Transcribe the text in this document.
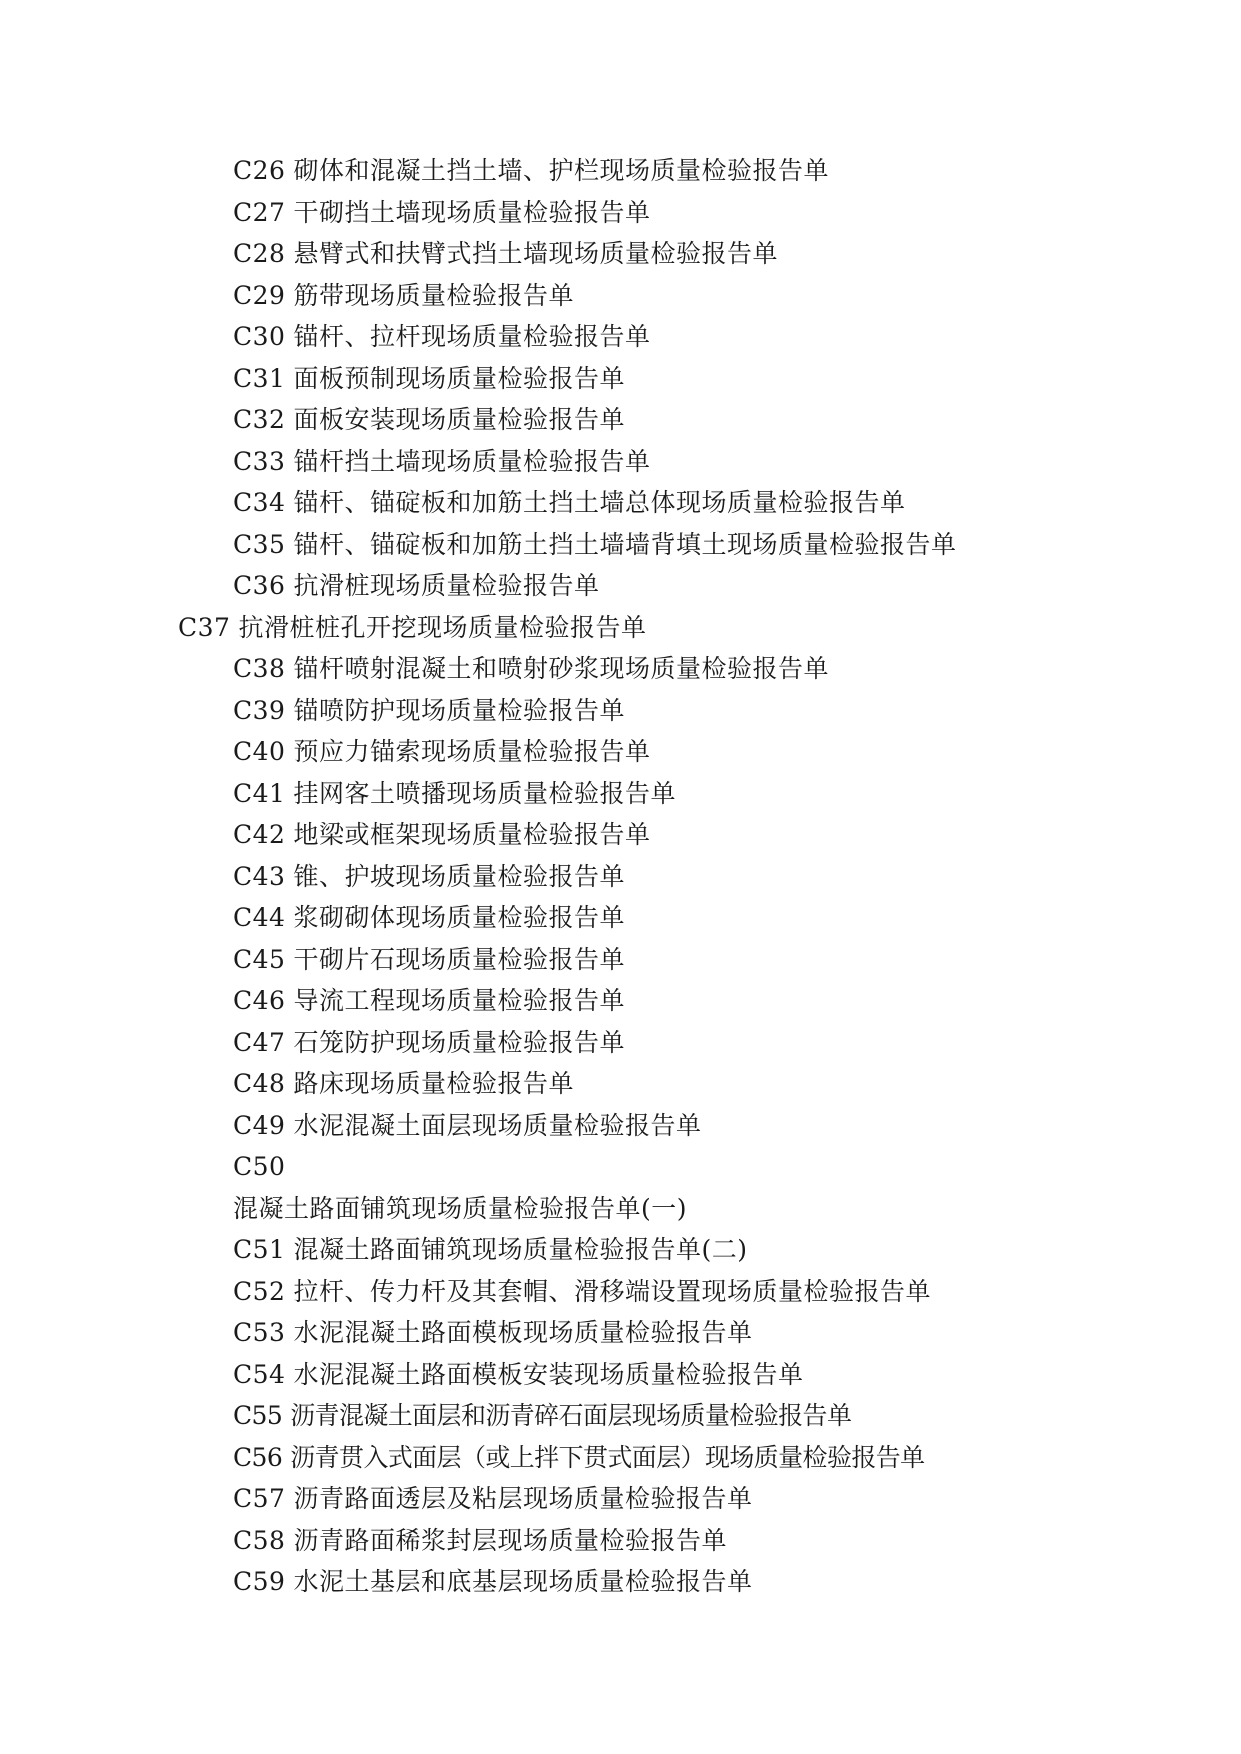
C26 砌体和混凝土挡土墙、护栏现场质量检验报告单
C27 干砌挡土墙现场质量检验报告单
C28 悬臂式和扶臂式挡土墙现场质量检验报告单
C29 筋带现场质量检验报告单
C30 锚杆、拉杆现场质量检验报告单
C31 面板预制现场质量检验报告单
C32 面板安装现场质量检验报告单
C33 锚杆挡土墙现场质量检验报告单
C34 锚杆、锚碇板和加筋土挡土墙总体现场质量检验报告单
C35 锚杆、锚碇板和加筋土挡土墙墙背填土现场质量检验报告单
C36 抗滑桩现场质量检验报告单
C37 抗滑桩桩孔开挖现场质量检验报告单
C38 锚杆喷射混凝土和喷射砂浆现场质量检验报告单
C39 锚喷防护现场质量检验报告单
C40 预应力锚索现场质量检验报告单
C41 挂网客土喷播现场质量检验报告单
C42 地梁或框架现场质量检验报告单
C43 锥、护坡现场质量检验报告单
C44 浆砌砌体现场质量检验报告单
C45 干砌片石现场质量检验报告单
C46 导流工程现场质量检验报告单
C47 石笼防护现场质量检验报告单
C48 路床现场质量检验报告单
C49 水泥混凝土面层现场质量检验报告单
C50
混凝土路面铺筑现场质量检验报告单(一)
C51 混凝土路面铺筑现场质量检验报告单(二)
C52 拉杆、传力杆及其套帽、滑移端设置现场质量检验报告单
C53 水泥混凝土路面模板现场质量检验报告单
C54 水泥混凝土路面模板安装现场质量检验报告单
C55 沥青混凝土面层和沥青碎石面层现场质量检验报告单
C56 沥青贯入式面层（或上拌下贯式面层）现场质量检验报告单
C57 沥青路面透层及粘层现场质量检验报告单
C58 沥青路面稀浆封层现场质量检验报告单
C59 水泥土基层和底基层现场质量检验报告单
